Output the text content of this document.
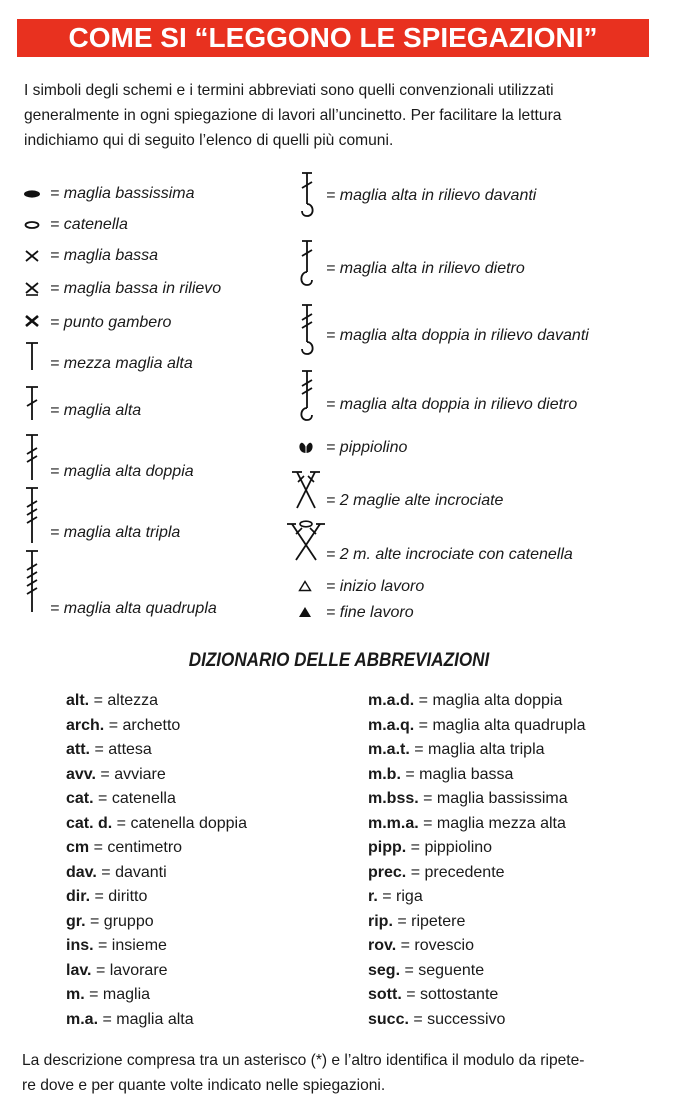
COME SI “LEGGONO LE SPIEGAZIONI”
I simboli degli schemi e i termini abbreviati sono quelli convenzionali utilizzati
generalmente in ogni spiegazione di lavori all’uncinetto. Per facilitare la lettura
indichiamo qui di seguito l’elenco di quelli più comuni.
= maglia bassissima
= catenella
= maglia bassa
= maglia bassa in rilievo
= punto gambero
= mezza maglia alta
= maglia alta
= maglia alta doppia
= maglia alta tripla
= maglia alta quadrupla
= maglia alta in rilievo davanti
= maglia alta in rilievo dietro
= maglia alta doppia in rilievo davanti
= maglia alta doppia in rilievo dietro
= pippiolino
= 2 maglie alte incrociate
= 2 m. alte incrociate con catenella
= inizio lavoro
= fine lavoro
DIZIONARIO DELLE ABBREVIAZIONI
alt. = altezza
arch. = archetto
att. = attesa
avv. = avviare
cat. = catenella
cat. d. = catenella doppia
cm = centimetro
dav. = davanti
dir. = diritto
gr. = gruppo
ins. = insieme
lav. = lavorare
m. = maglia
m.a. = maglia alta
m.a.d. = maglia alta doppia
m.a.q. = maglia alta quadrupla
m.a.t. = maglia alta tripla
m.b. = maglia bassa
m.bss. = maglia bassissima
m.m.a. = maglia mezza alta
pipp. = pippiolino
prec. = precedente
r. = riga
rip. = ripetere
rov. = rovescio
seg. = seguente
sott. = sottostante
succ. = successivo
La descrizione compresa tra un asterisco (*) e l’altro identifica il modulo da ripete-
re dove e per quante volte indicato nelle spiegazioni.
